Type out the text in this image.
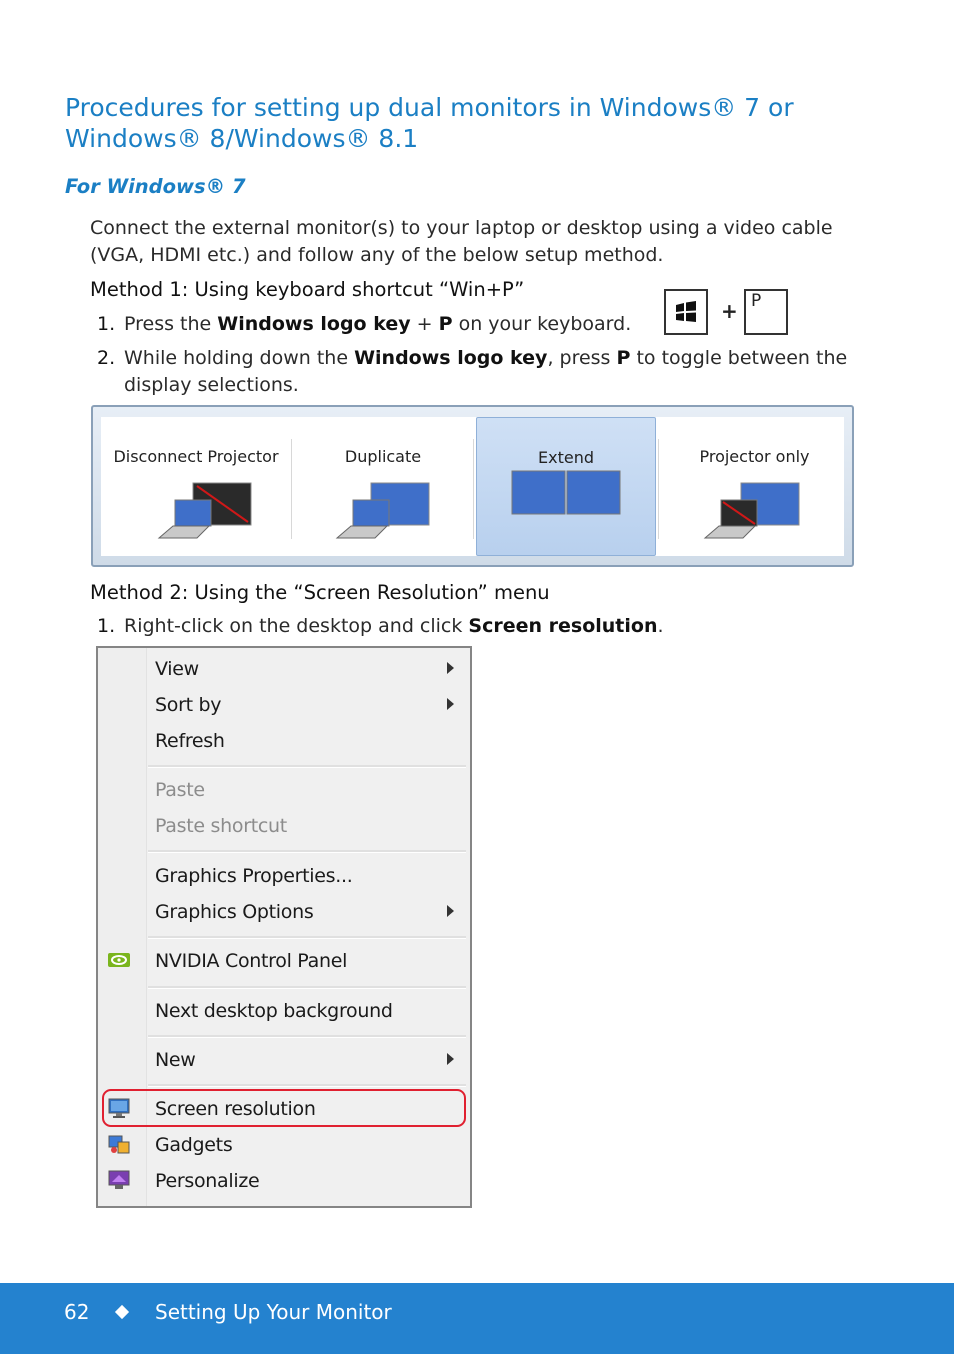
Procedures for setting up dual monitors in Windows® 7 or Windows® 8/Windows® 8.1
For Windows® 7

Connect the external monitor(s) to your laptop or desktop using a video cable (VGA, HDMI etc.) and follow any of the below setup method.

Method 1: Using keyboard shortcut “Win+P”

1. Press the Windows logo key + P on your keyboard.
+ P
2. While holding down the Windows logo key, press P to toggle between the display selections.
Disconnect Projector	Duplicate	Extend	Projector only

Method 2: Using the “Screen Resolution” menu

1. Right-click on the desktop and click Screen resolution.
View
Sort by
Refresh
Paste
Paste shortcut
Graphics Properties...
Graphics Options
NVIDIA Control Panel
Next desktop background
New
Screen resolution
Gadgets
Personalize
62	Setting Up Your Monitor
